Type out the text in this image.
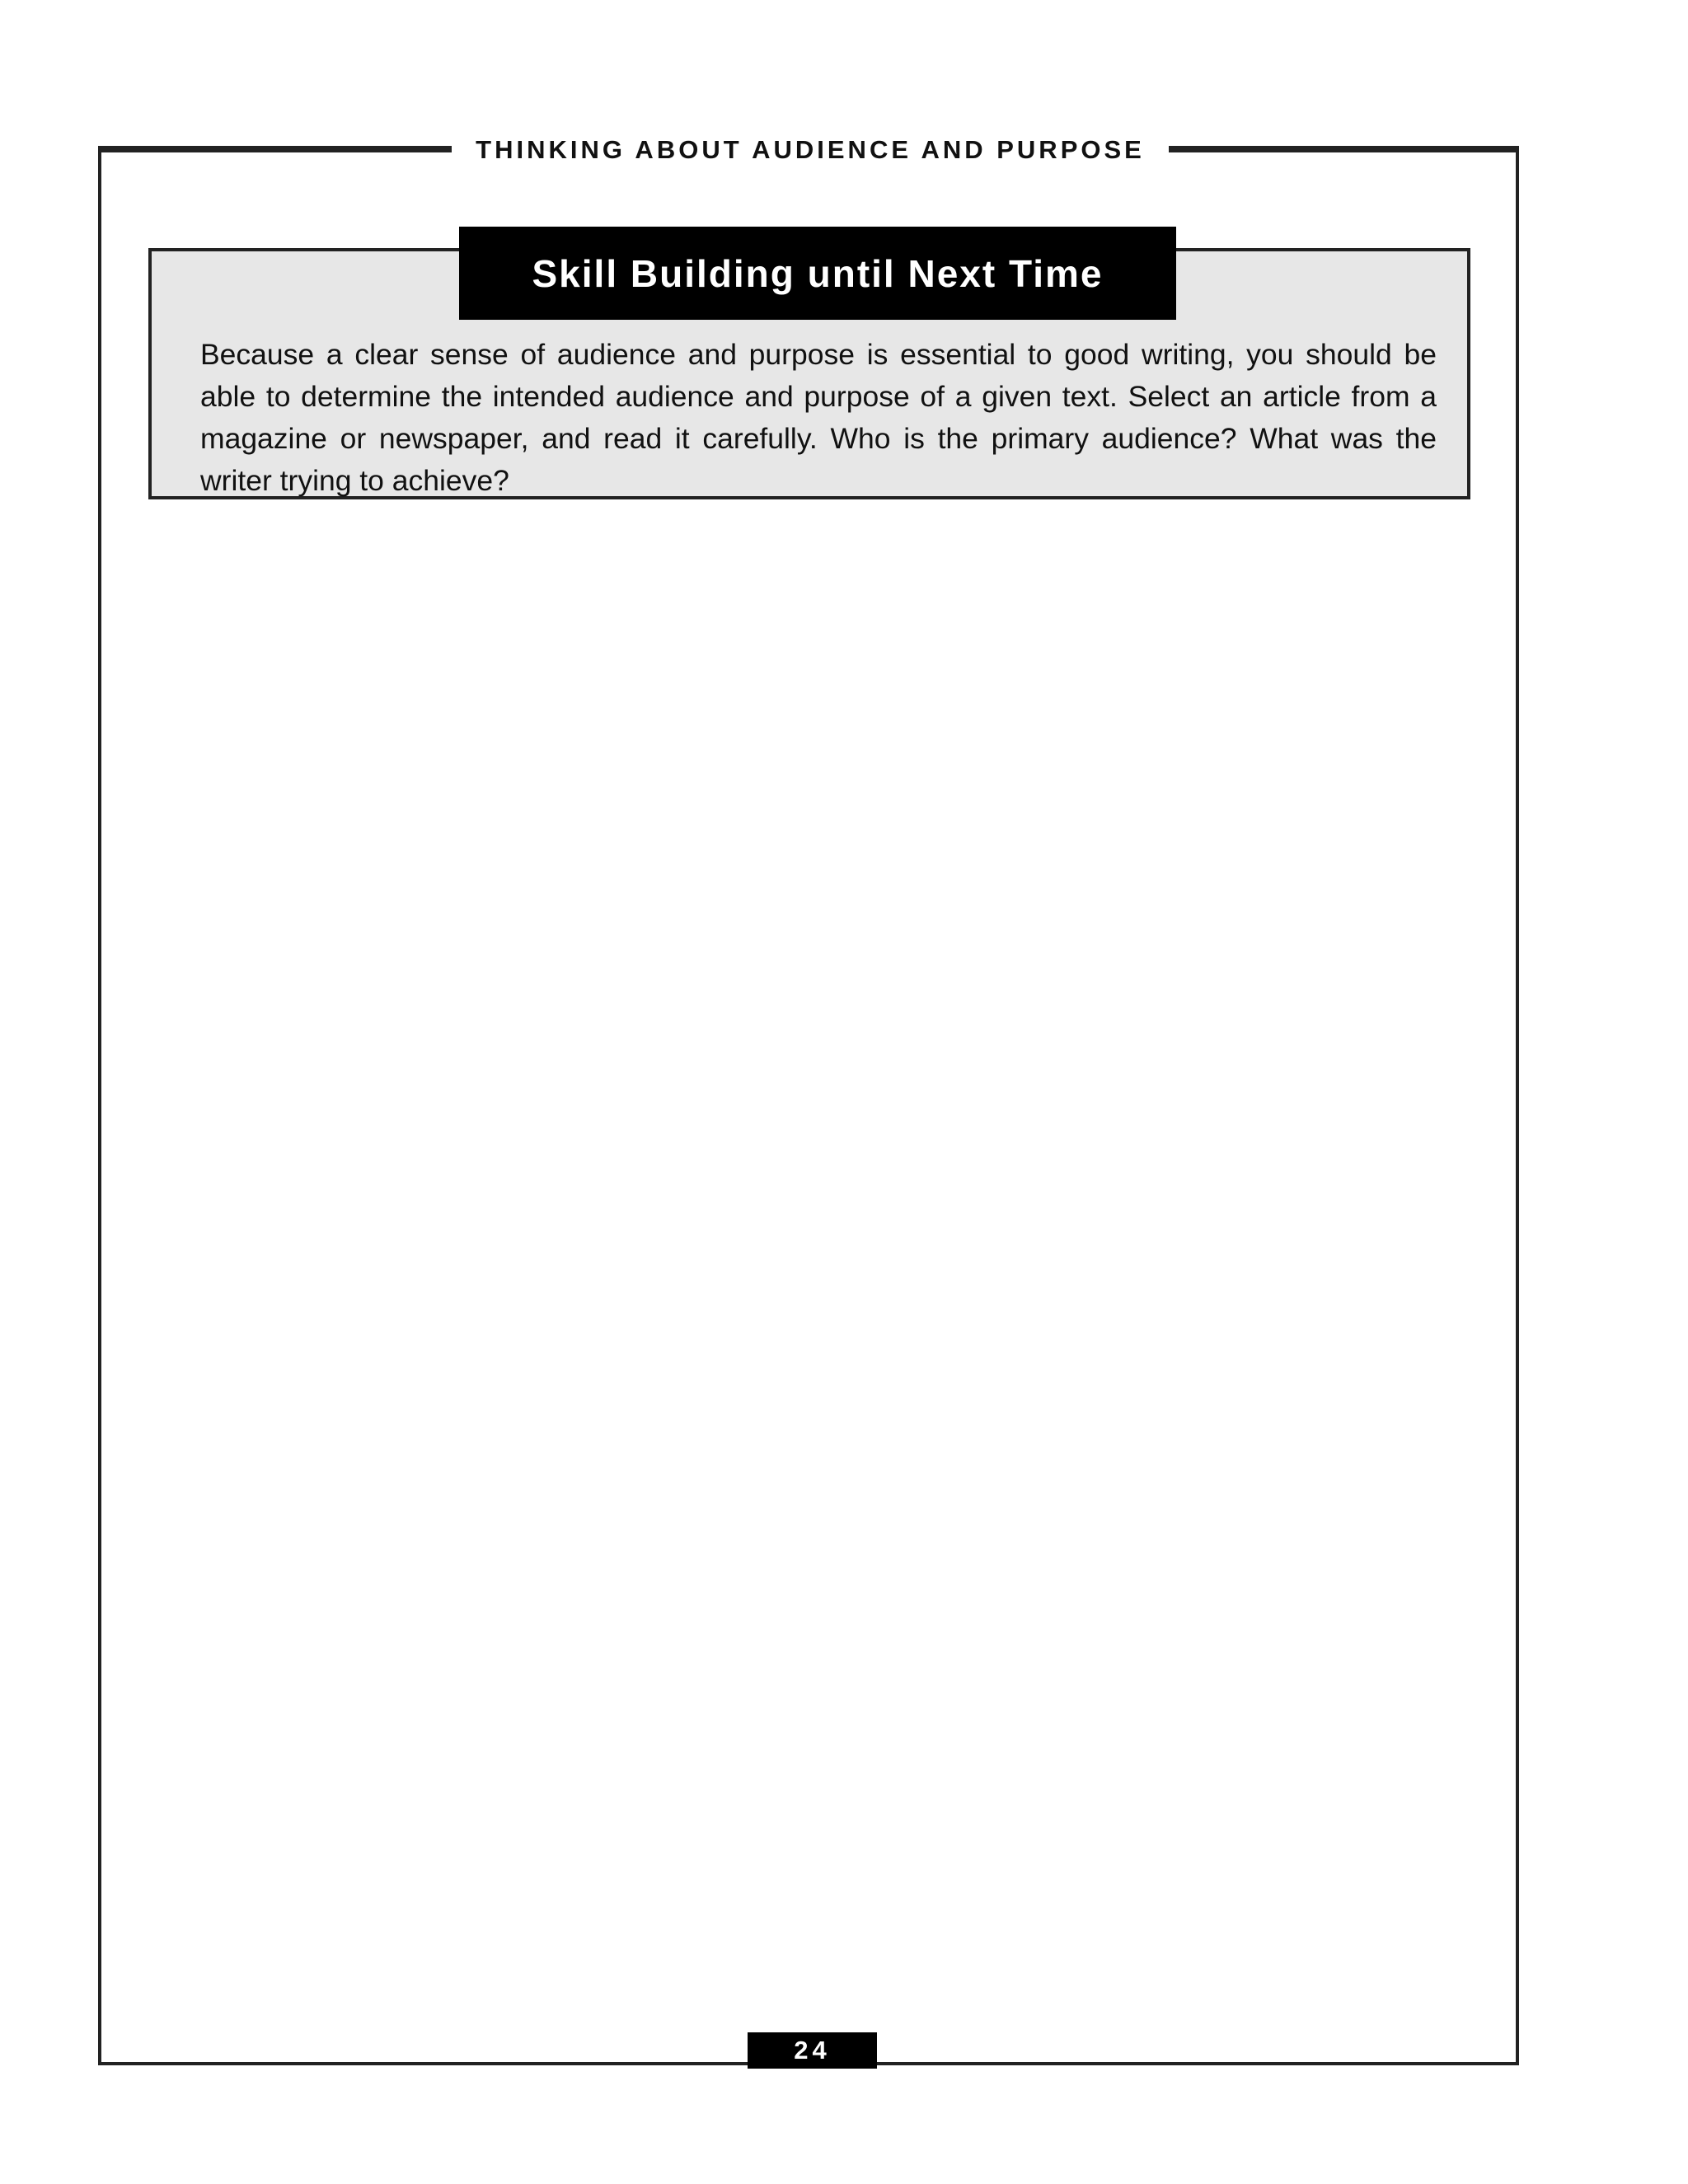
THINKING ABOUT AUDIENCE AND PURPOSE
Skill Building until Next Time
Because a clear sense of audience and purpose is essential to good writing, you should be able to determine the intended audience and purpose of a given text. Select an article from a magazine or newspaper, and read it carefully. Who is the primary audience? What was the writer trying to achieve?
24
